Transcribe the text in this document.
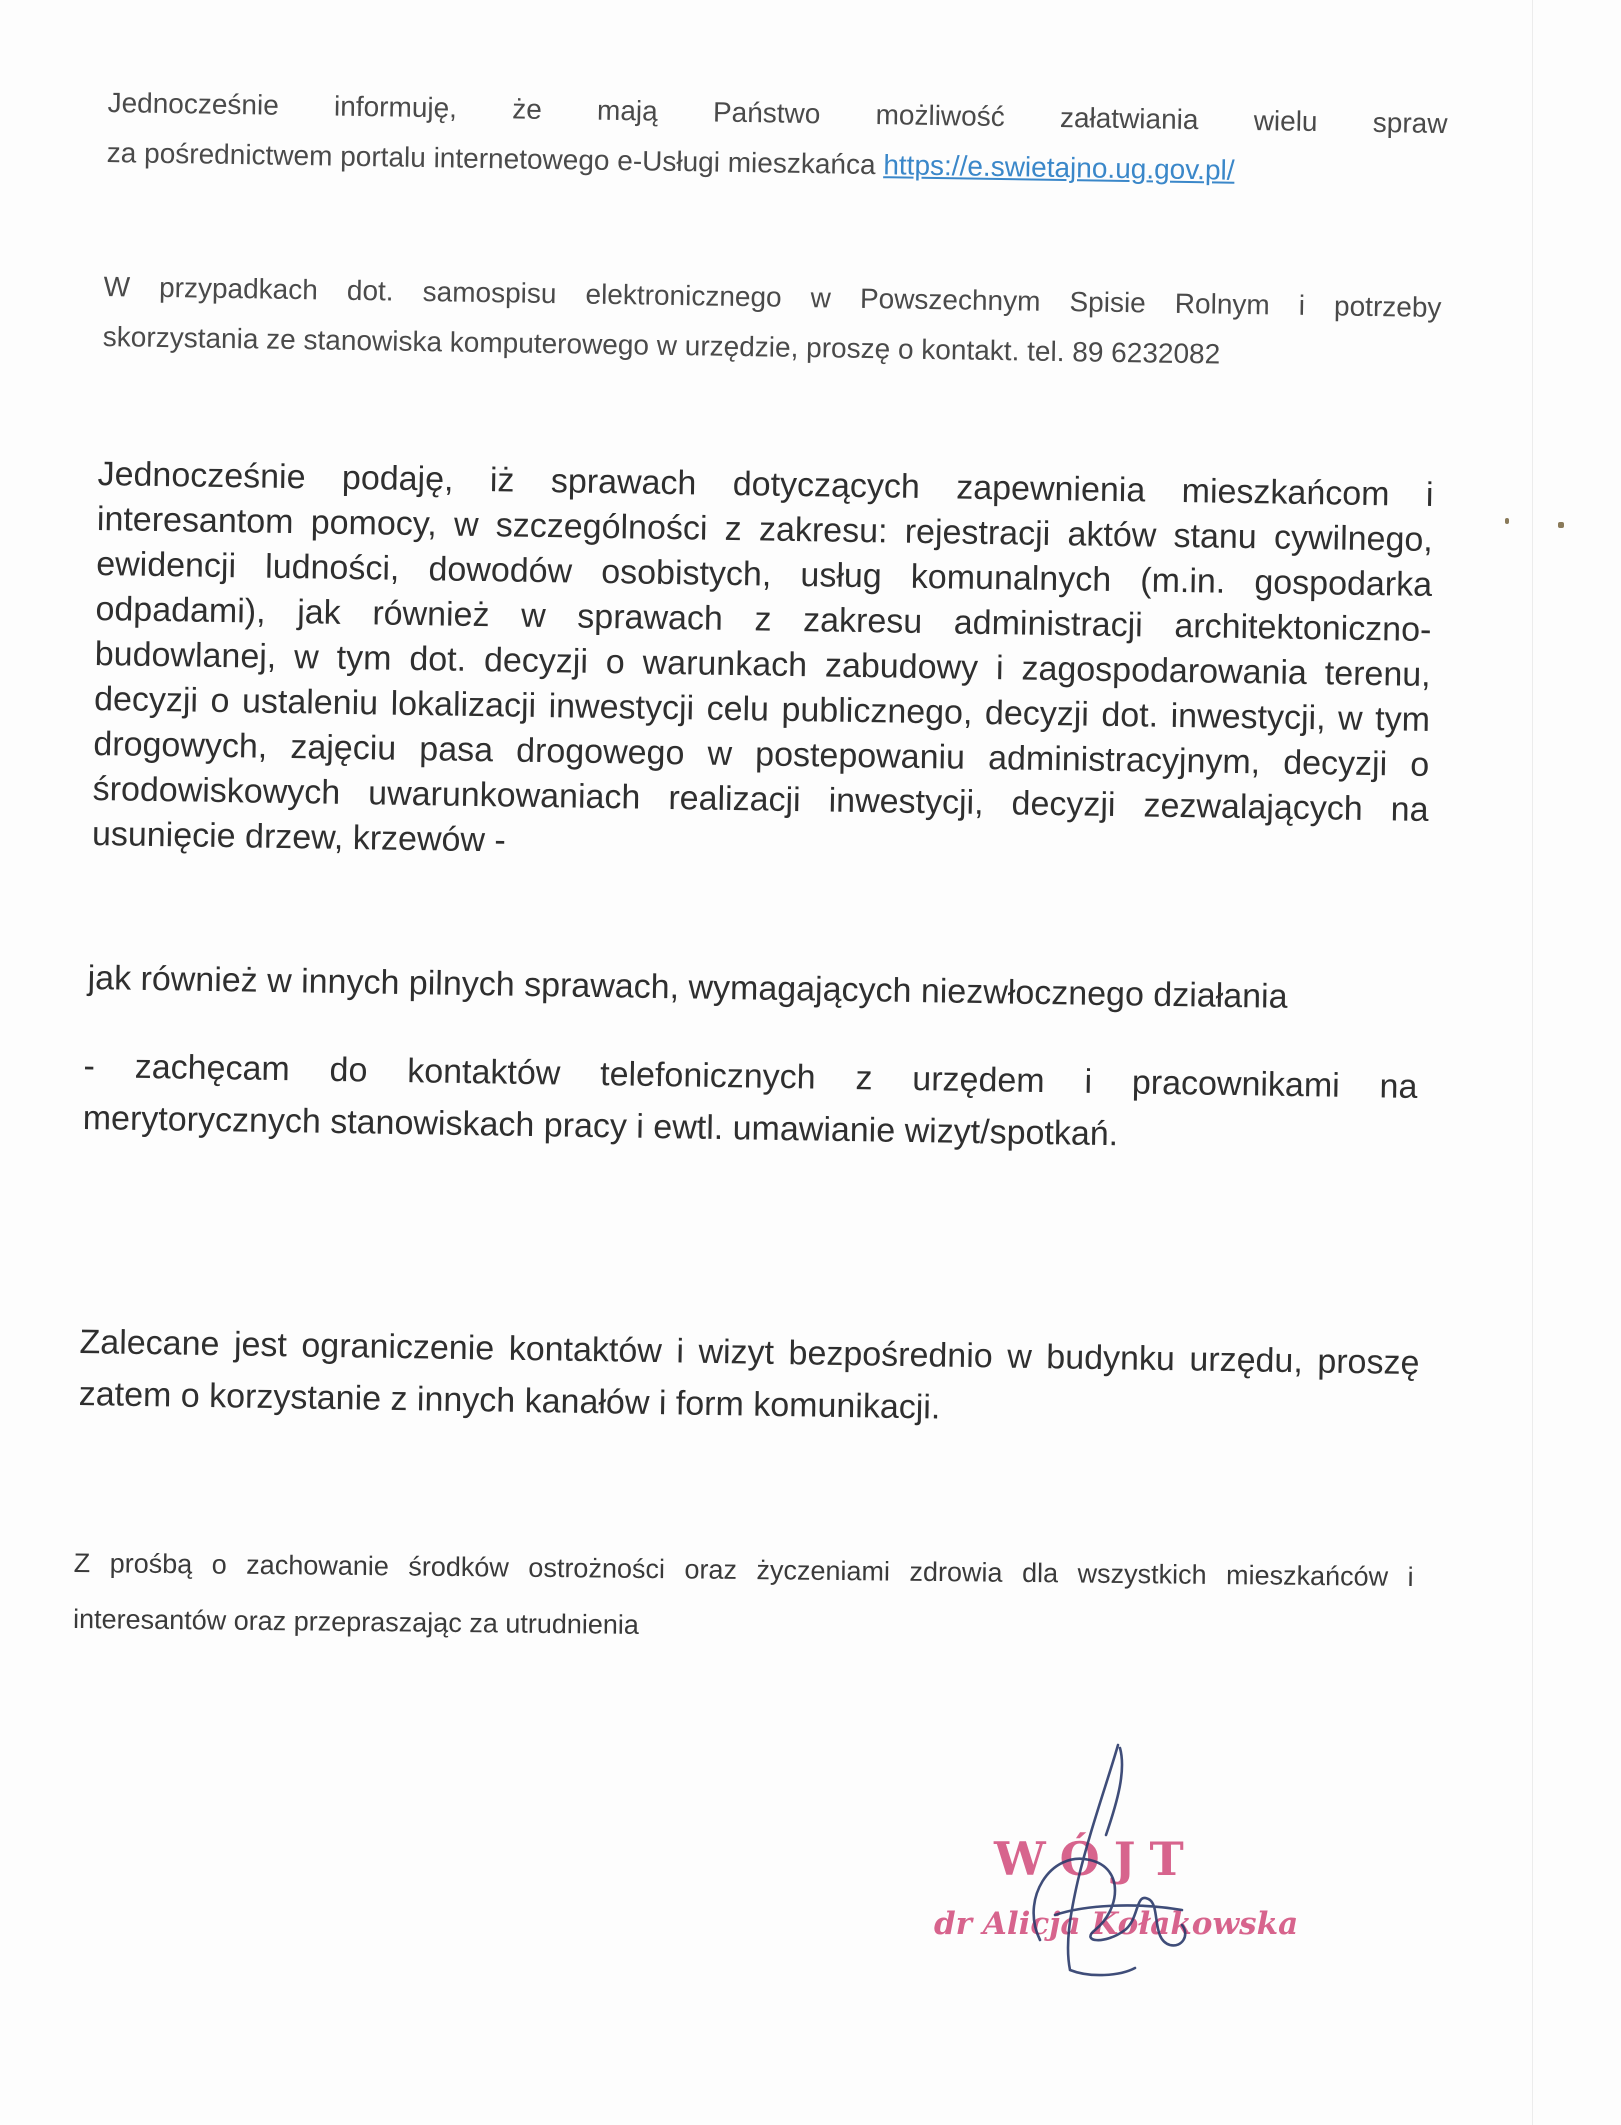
Jednocześnie informuję, że mają Państwo możliwość załatwiania wielu spraw
za pośrednictwem portalu internetowego e-Usługi mieszkańca https://e.swietajno.ug.gov.pl/

W przypadkach dot. samospisu elektronicznego w Powszechnym Spisie Rolnym i potrzeby
skorzystania ze stanowiska komputerowego w urzędzie, proszę o kontakt. tel. 89 6232082

Jednocześnie podaję, iż sprawach dotyczących zapewnienia mieszkańcom i interesantom pomocy, w szczególności z zakresu: rejestracji aktów stanu cywilnego, ewidencji ludności, dowodów osobistych, usług komunalnych (m.in. gospodarka odpadami), jak również w sprawach z zakresu administracji architektoniczno-budowlanej, w tym dot. decyzji o warunkach zabudowy i zagospodarowania terenu, decyzji o ustaleniu lokalizacji inwestycji celu publicznego, decyzji dot. inwestycji, w tym drogowych, zajęciu pasa drogowego w postepowaniu administracyjnym, decyzji o środowiskowych uwarunkowaniach realizacji inwestycji, decyzji zezwalających na usunięcie drzew, krzewów -

jak również w innych pilnych sprawach, wymagających niezwłocznego działania

- zachęcam do kontaktów telefonicznych z urzędem i pracownikami na
merytorycznych stanowiskach pracy i ewtl. umawianie wizyt/spotkań.

Zalecane jest ograniczenie kontaktów i wizyt bezpośrednio w budynku urzędu, proszę zatem o korzystanie z innych kanałów i form komunikacji.

Z prośbą o zachowanie środków ostrożności oraz życzeniami zdrowia dla wszystkich mieszkańców i interesantów oraz przepraszając za utrudnienia

WÓJT
dr Alicja Kołakowska
